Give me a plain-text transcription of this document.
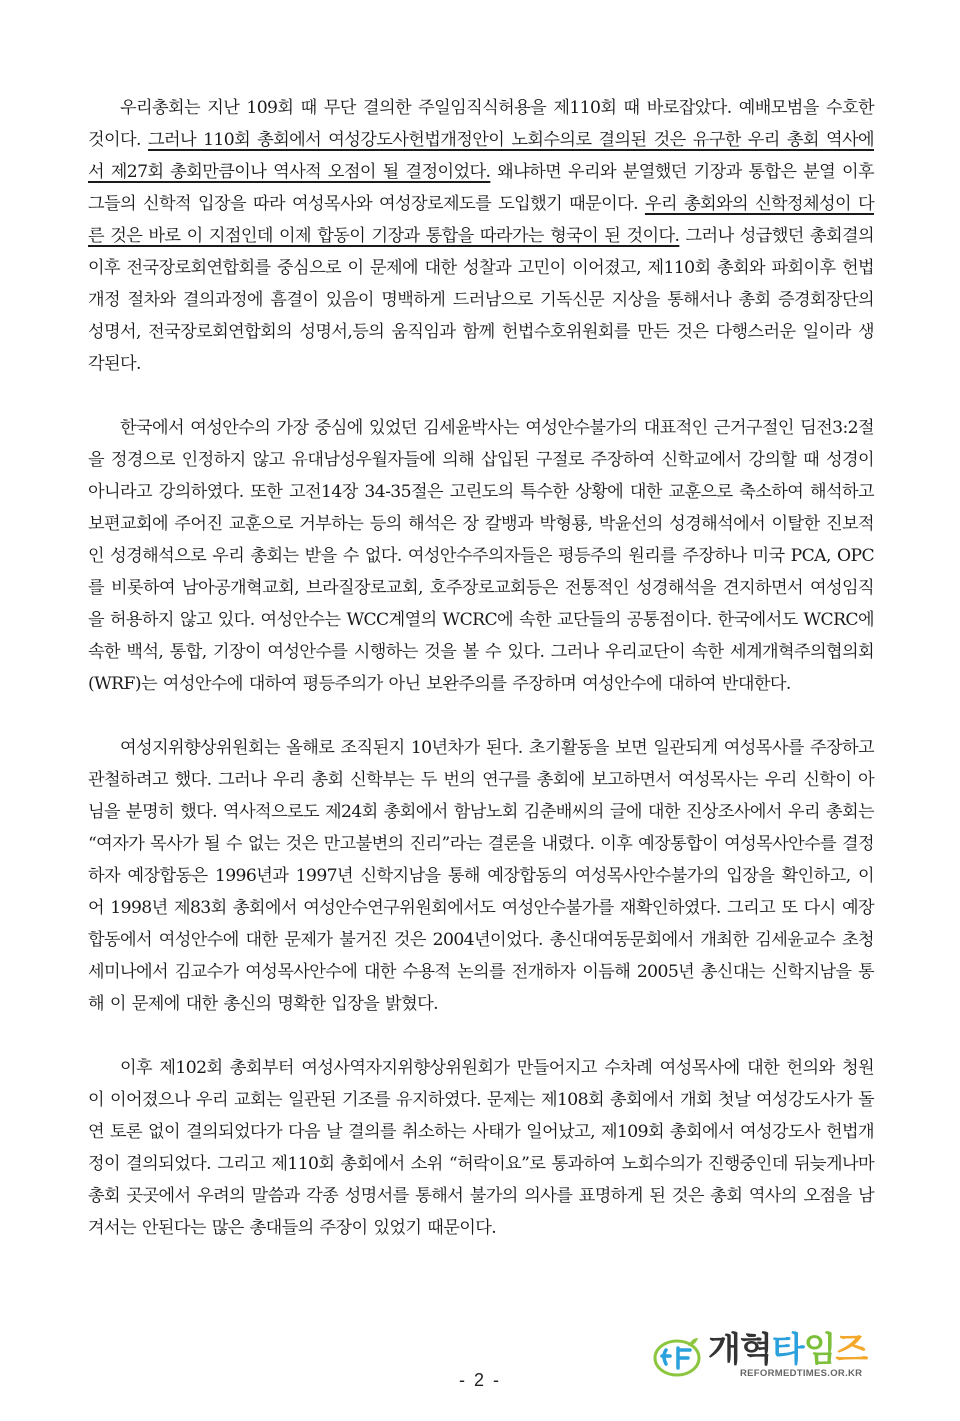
우리총회는 지난 109회 때 무단 결의한 주일임직식허용을 제110회 때 바로잡았다. 예배모범을 수호한 것이다. 그러나 110회 총회에서 여성강도사헌법개정안이 노회수의로 결의된 것은 유구한 우리 총회 역사에서 제27회 총회만큼이나 역사적 오점이 될 결정이었다. 왜냐하면 우리와 분열했던 기장과 통합은 분열 이후 그들의 신학적 입장을 따라 여성목사와 여성장로제도를 도입했기 때문이다. 우리 총회와의 신학정체성이 다른 것은 바로 이 지점인데 이제 합동이 기장과 통합을 따라가는 형국이 된 것이다. 그러나 성급했던 총회결의 이후 전국장로회연합회를 중심으로 이 문제에 대한 성찰과 고민이 이어졌고, 제110회 총회와 파회이후 헌법개정 절차와 결의과정에 흠결이 있음이 명백하게 드러남으로 기독신문 지상을 통해서나 총회 증경회장단의 성명서, 전국장로회연합회의 성명서,등의 움직임과 함께 헌법수호위원회를 만든 것은 다행스러운 일이라 생각된다.

한국에서 여성안수의 가장 중심에 있었던 김세윤박사는 여성안수불가의 대표적인 근거구절인 딤전3:2절을 정경으로 인정하지 않고 유대남성우월자들에 의해 삽입된 구절로 주장하여 신학교에서 강의할 때 성경이 아니라고 강의하였다. 또한 고전14장 34-35절은 고린도의 특수한 상황에 대한 교훈으로 축소하여 해석하고 보편교회에 주어진 교훈으로 거부하는 등의 해석은 장 칼뱅과 박형룡, 박윤선의 성경해석에서 이탈한 진보적인 성경해석으로 우리 총회는 받을 수 없다. 여성안수주의자들은 평등주의 원리를 주장하나 미국 PCA, OPC를 비롯하여 남아공개혁교회, 브라질장로교회, 호주장로교회등은 전통적인 성경해석을 견지하면서 여성임직을 허용하지 않고 있다. 여성안수는 WCC계열의 WCRC에 속한 교단들의 공통점이다. 한국에서도 WCRC에 속한 백석, 통합, 기장이 여성안수를 시행하는 것을 볼 수 있다. 그러나 우리교단이 속한 세계개혁주의협의회(WRF)는 여성안수에 대하여 평등주의가 아닌 보완주의를 주장하며 여성안수에 대하여 반대한다.

여성지위향상위원회는 올해로 조직된지 10년차가 된다. 초기활동을 보면 일관되게 여성목사를 주장하고 관철하려고 했다. 그러나 우리 총회 신학부는 두 번의 연구를 총회에 보고하면서 여성목사는 우리 신학이 아님을 분명히 했다. 역사적으로도 제24회 총회에서 함남노회 김춘배씨의 글에 대한 진상조사에서 우리 총회는 “여자가 목사가 될 수 없는 것은 만고불변의 진리”라는 결론을 내렸다. 이후 예장통합이 여성목사안수를 결정하자 예장합동은 1996년과 1997년 신학지남을 통해 예장합동의 여성목사안수불가의 입장을 확인하고, 이어 1998년 제83회 총회에서 여성안수연구위원회에서도 여성안수불가를 재확인하였다. 그리고 또 다시 예장합동에서 여성안수에 대한 문제가 불거진 것은 2004년이었다. 총신대여동문회에서 개최한 김세윤교수 초청세미나에서 김교수가 여성목사안수에 대한 수용적 논의를 전개하자 이듬해 2005년 총신대는 신학지남을 통해 이 문제에 대한 총신의 명확한 입장을 밝혔다.

이후 제102회 총회부터 여성사역자지위향상위원회가 만들어지고 수차례 여성목사에 대한 헌의와 청원이 이어졌으나 우리 교회는 일관된 기조를 유지하였다. 문제는 제108회 총회에서 개회 첫날 여성강도사가 돌연 토론 없이 결의되었다가 다음 날 결의를 취소하는 사태가 일어났고, 제109회 총회에서 여성강도사 헌법개정이 결의되었다. 그리고 제110회 총회에서 소위 “허락이요”로 통과하여 노회수의가 진행중인데 뒤늦게나마 총회 곳곳에서 우려의 말씀과 각종 성명서를 통해서 불가의 의사를 표명하게 된 것은 총회 역사의 오점을 남겨서는 안된다는 많은 총대들의 주장이 있었기 때문이다.

- 2 -
개혁타임즈
REFORMEDTIMES.OR.KR
